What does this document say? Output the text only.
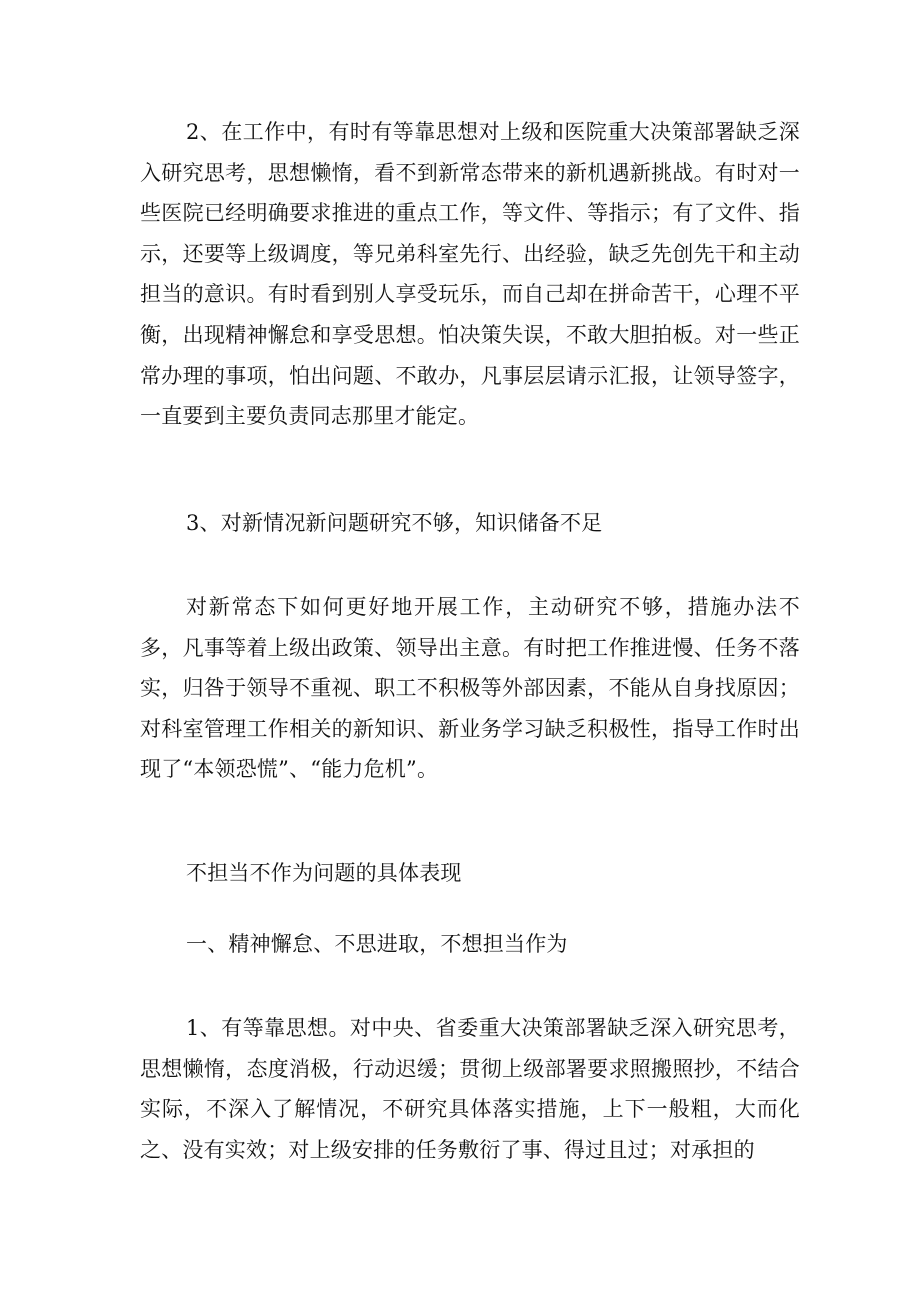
2、在工作中，有时有等靠思想对上级和医院重大决策部署缺乏深入研究思考，思想懒惰，看不到新常态带来的新机遇新挑战。有时对一些医院已经明确要求推进的重点工作，等文件、等指示；有了文件、指示，还要等上级调度，等兄弟科室先行、出经验，缺乏先创先干和主动担当的意识。有时看到别人享受玩乐，而自己却在拼命苦干，心理不平衡，出现精神懈怠和享受思想。怕决策失误，不敢大胆拍板。对一些正常办理的事项，怕出问题、不敢办，凡事层层请示汇报，让领导签字，一直要到主要负责同志那里才能定。

3、对新情况新问题研究不够，知识储备不足

对新常态下如何更好地开展工作，主动研究不够，措施办法不多，凡事等着上级出政策、领导出主意。有时把工作推进慢、任务不落实，归咎于领导不重视、职工不积极等外部因素，不能从自身找原因；对科室管理工作相关的新知识、新业务学习缺乏积极性，指导工作时出现了“本领恐慌”、“能力危机”。

不担当不作为问题的具体表现

一、精神懈怠、不思进取，不想担当作为

1、有等靠思想。对中央、省委重大决策部署缺乏深入研究思考，思想懒惰，态度消极，行动迟缓；贯彻上级部署要求照搬照抄，不结合实际，不深入了解情况，不研究具体落实措施，上下一般粗，大而化之、没有实效；对上级安排的任务敷衍了事、得过且过；对承担的
